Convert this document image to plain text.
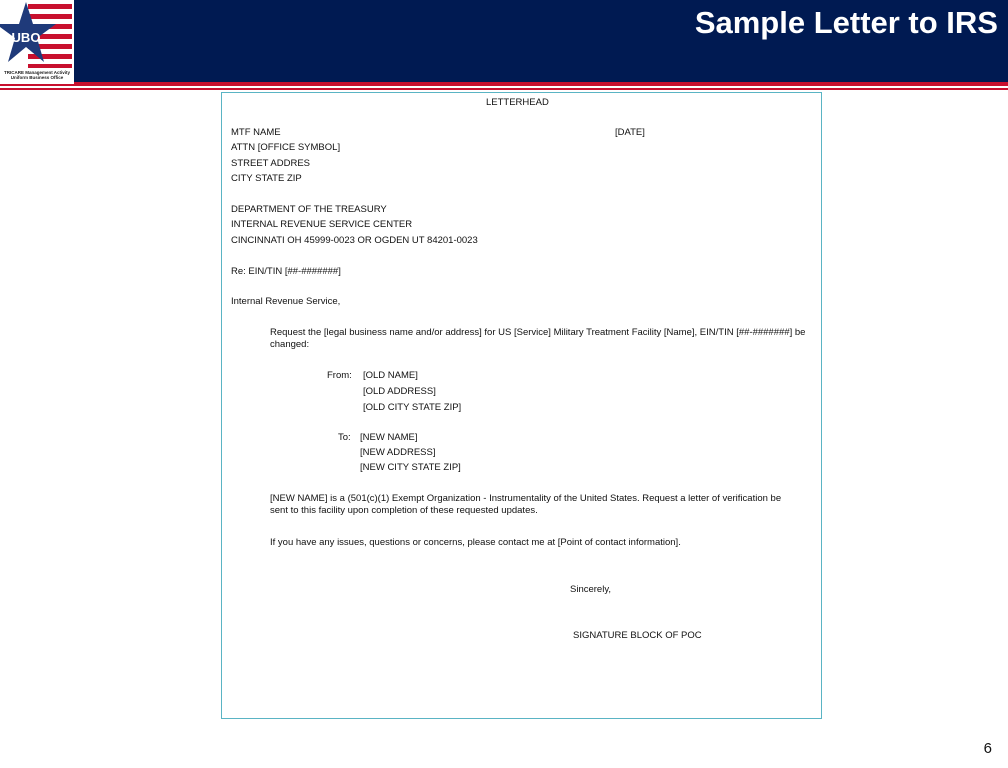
UBO
TRICARE Management Activity
Uniform Business Office
Sample Letter to IRS
LETTERHEAD
MTF NAME	[DATE]
ATTN [OFFICE SYMBOL]
STREET ADDRES
CITY STATE ZIP
DEPARTMENT OF THE TREASURY
INTERNAL REVENUE SERVICE CENTER
CINCINNATI OH 45999-0023 OR OGDEN UT 84201-0023
Re: EIN/TIN [##-#######]
Internal Revenue Service,
Request the [legal business name and/or address] for US [Service] Military Treatment Facility [Name], EIN/TIN [##-#######] be changed:
From: [OLD NAME]
[OLD ADDRESS]
[OLD CITY STATE ZIP]
To: [NEW NAME]
[NEW ADDRESS]
[NEW CITY STATE ZIP]
[NEW NAME] is a (501(c)(1) Exempt Organization - Instrumentality of the United States. Request a letter of verification be sent to this facility upon completion of these requested updates.
If you have any issues, questions or concerns, please contact me at [Point of contact information].
Sincerely,
SIGNATURE BLOCK OF POC
6
